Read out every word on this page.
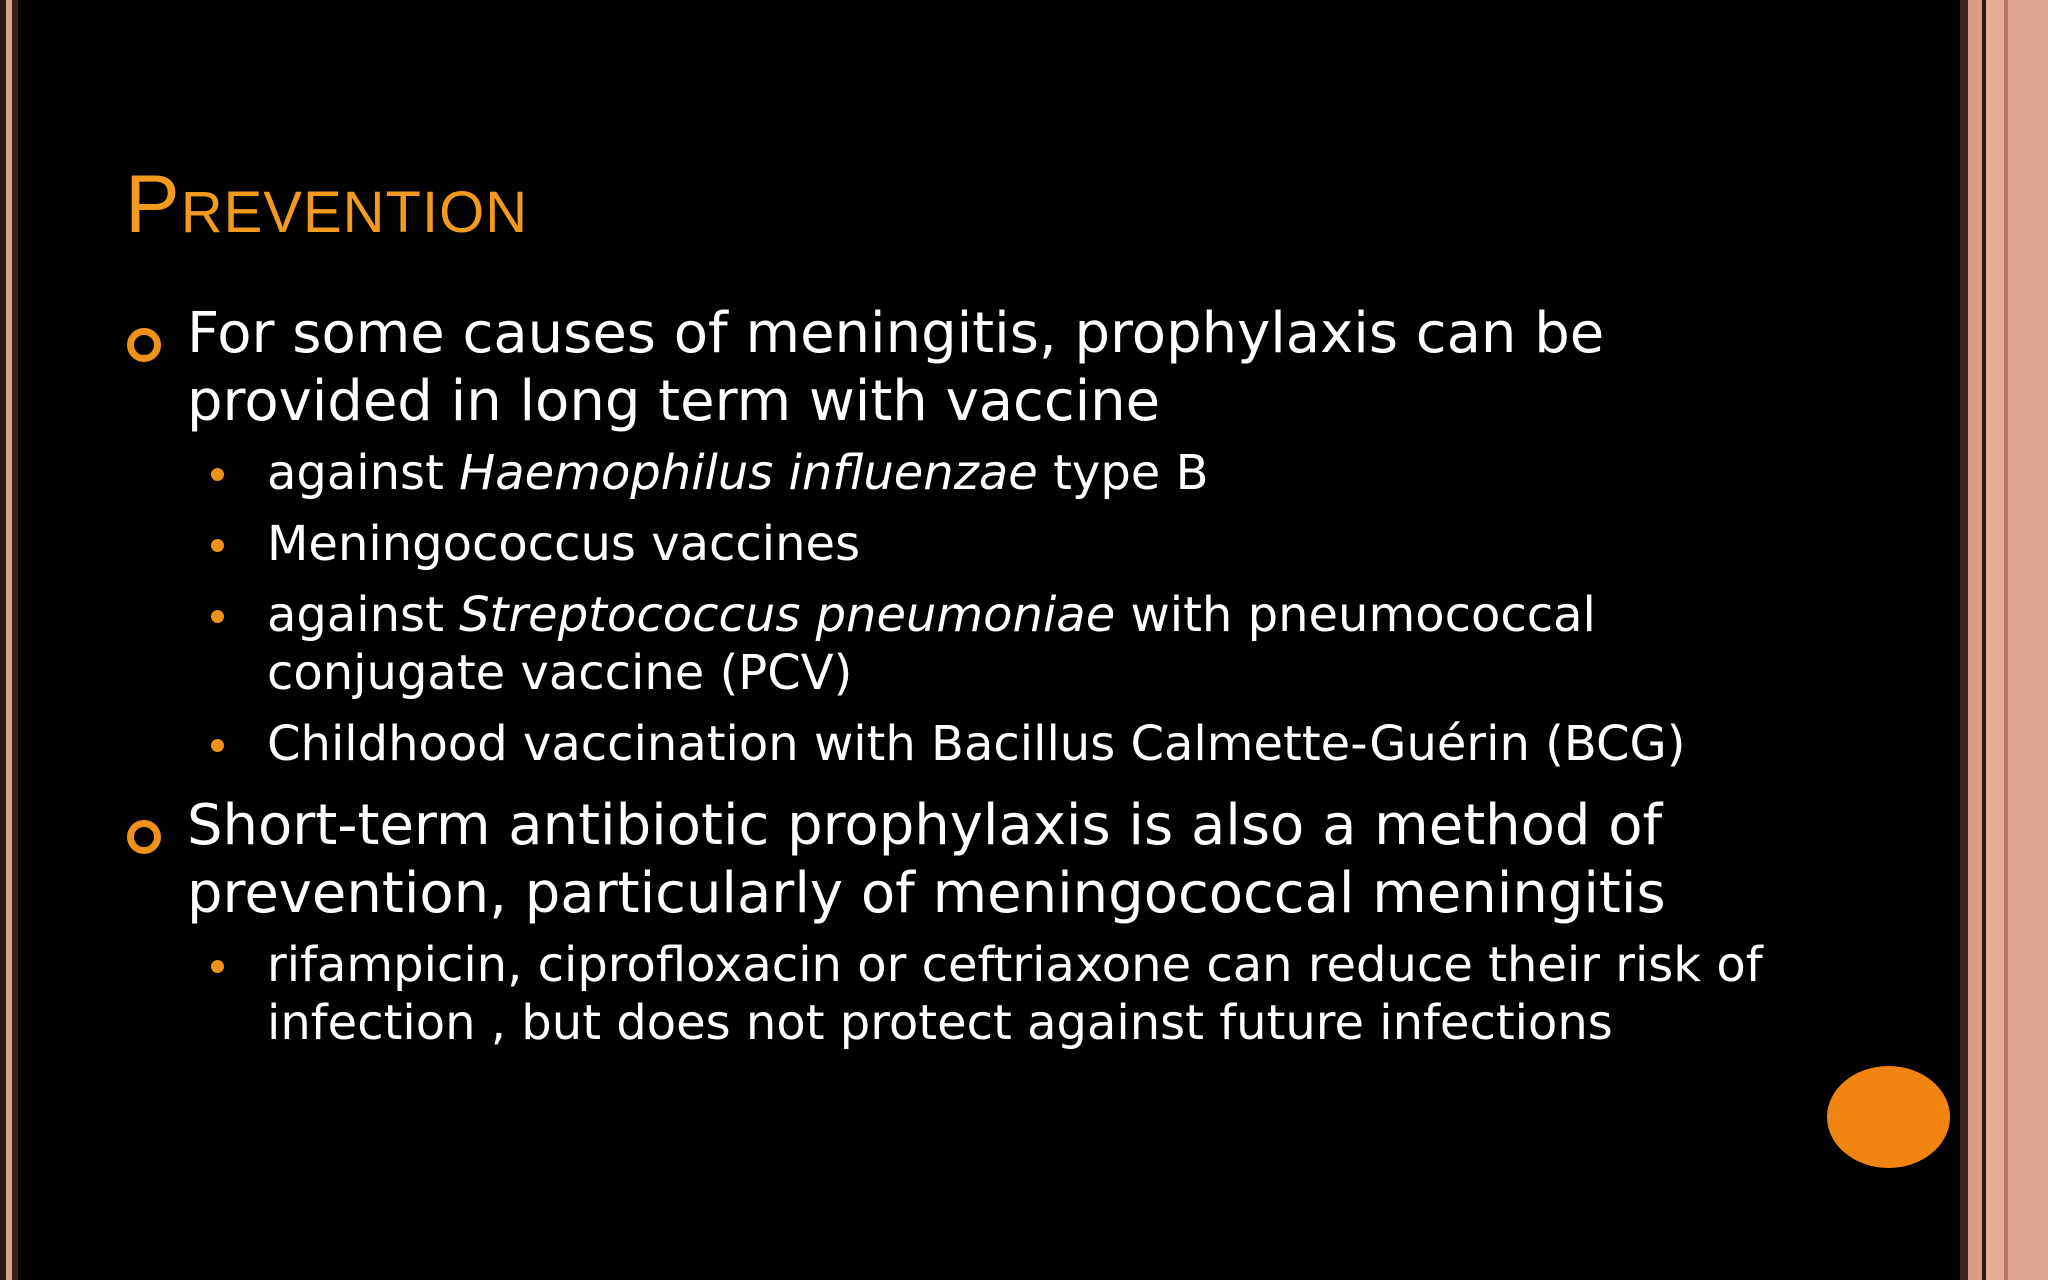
PREVENTION
For some causes of meningitis, prophylaxis can be provided in long term with vaccine
against Haemophilus influenzae type B
Meningococcus vaccines
against Streptococcus pneumoniae with pneumococcal conjugate vaccine (PCV)
Childhood vaccination with Bacillus Calmette-Guérin (BCG)
Short-term antibiotic prophylaxis is also a method of prevention, particularly of meningococcal meningitis
rifampicin, ciprofloxacin or ceftriaxone can reduce their risk of infection , but does not protect against future infections
